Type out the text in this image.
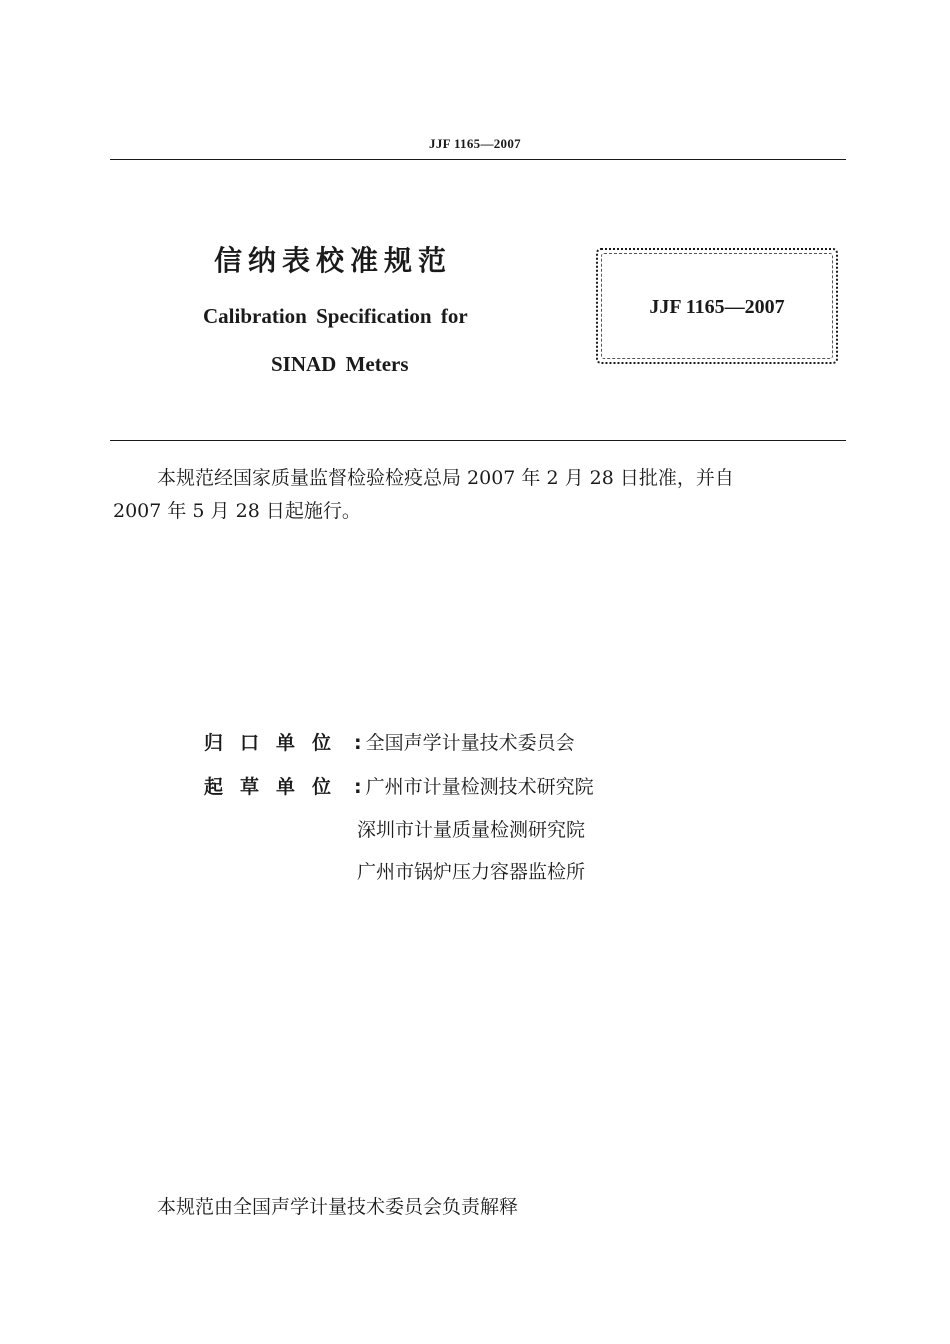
JJF 1165—2007
信纳表校准规范
Calibration Specification for
SINAD Meters
JJF 1165—2007
本规范经国家质量监督检验检疫总局 2007 年 2 月 28 日批准，并自
2007 年 5 月 28 日起施行。
归 口 单 位 : 全国声学计量技术委员会
起 草 单 位 : 广州市计量检测技术研究院
深圳市计量质量检测研究院
广州市锅炉压力容器监检所
本规范由全国声学计量技术委员会负责解释
